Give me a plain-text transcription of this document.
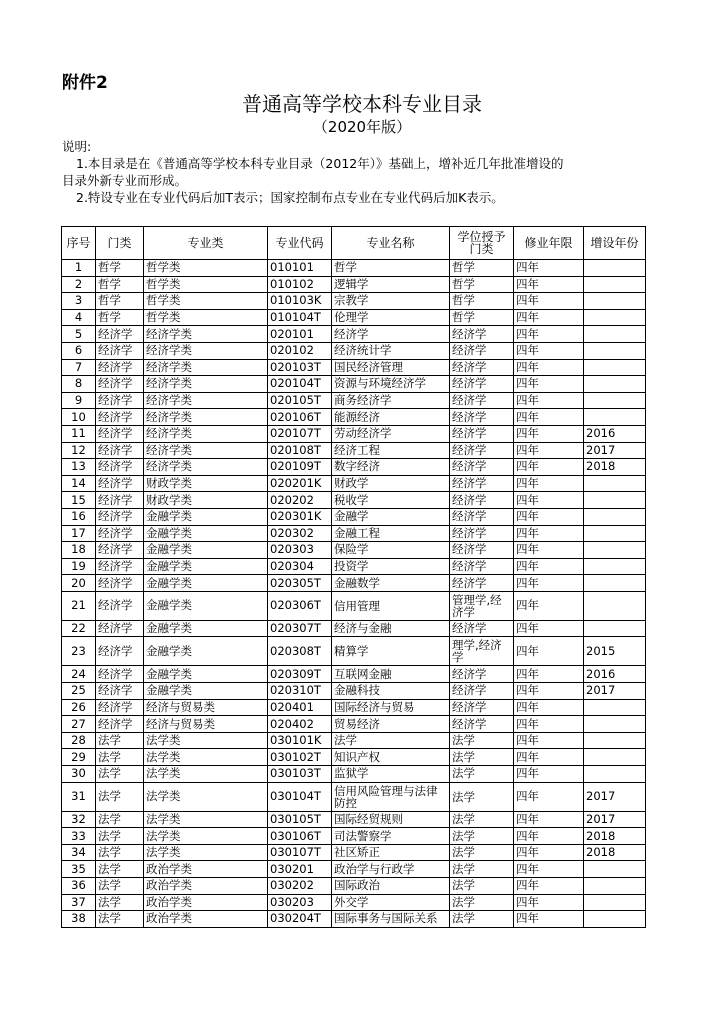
附件2
普通高等学校本科专业目录
（2020年版）
说明:
1.本目录是在《普通高等学校本科专业目录（2012年）》基础上，增补近几年批准增设的
目录外新专业而形成。
2.特设专业在专业代码后加T表示；国家控制布点专业在专业代码后加K表示。
序号	门类	专业类	专业代码	专业名称	学位授予门类	修业年限	增设年份
1	哲学	哲学类	010101	哲学	哲学	四年	
2	哲学	哲学类	010102	逻辑学	哲学	四年	
3	哲学	哲学类	010103K	宗教学	哲学	四年	
4	哲学	哲学类	010104T	伦理学	哲学	四年	
5	经济学	经济学类	020101	经济学	经济学	四年	
6	经济学	经济学类	020102	经济统计学	经济学	四年	
7	经济学	经济学类	020103T	国民经济管理	经济学	四年	
8	经济学	经济学类	020104T	资源与环境经济学	经济学	四年	
9	经济学	经济学类	020105T	商务经济学	经济学	四年	
10	经济学	经济学类	020106T	能源经济	经济学	四年	
11	经济学	经济学类	020107T	劳动经济学	经济学	四年	2016
12	经济学	经济学类	020108T	经济工程	经济学	四年	2017
13	经济学	经济学类	020109T	数字经济	经济学	四年	2018
14	经济学	财政学类	020201K	财政学	经济学	四年	
15	经济学	财政学类	020202	税收学	经济学	四年	
16	经济学	金融学类	020301K	金融学	经济学	四年	
17	经济学	金融学类	020302	金融工程	经济学	四年	
18	经济学	金融学类	020303	保险学	经济学	四年	
19	经济学	金融学类	020304	投资学	经济学	四年	
20	经济学	金融学类	020305T	金融数学	经济学	四年	
21	经济学	金融学类	020306T	信用管理	管理学,经济学	四年	
22	经济学	金融学类	020307T	经济与金融	经济学	四年	
23	经济学	金融学类	020308T	精算学	理学,经济学	四年	2015
24	经济学	金融学类	020309T	互联网金融	经济学	四年	2016
25	经济学	金融学类	020310T	金融科技	经济学	四年	2017
26	经济学	经济与贸易类	020401	国际经济与贸易	经济学	四年	
27	经济学	经济与贸易类	020402	贸易经济	经济学	四年	
28	法学	法学类	030101K	法学	法学	四年	
29	法学	法学类	030102T	知识产权	法学	四年	
30	法学	法学类	030103T	监狱学	法学	四年	
31	法学	法学类	030104T	信用风险管理与法律防控	法学	四年	2017
32	法学	法学类	030105T	国际经贸规则	法学	四年	2017
33	法学	法学类	030106T	司法警察学	法学	四年	2018
34	法学	法学类	030107T	社区矫正	法学	四年	2018
35	法学	政治学类	030201	政治学与行政学	法学	四年	
36	法学	政治学类	030202	国际政治	法学	四年	
37	法学	政治学类	030203	外交学	法学	四年	
38	法学	政治学类	030204T	国际事务与国际关系	法学	四年	
